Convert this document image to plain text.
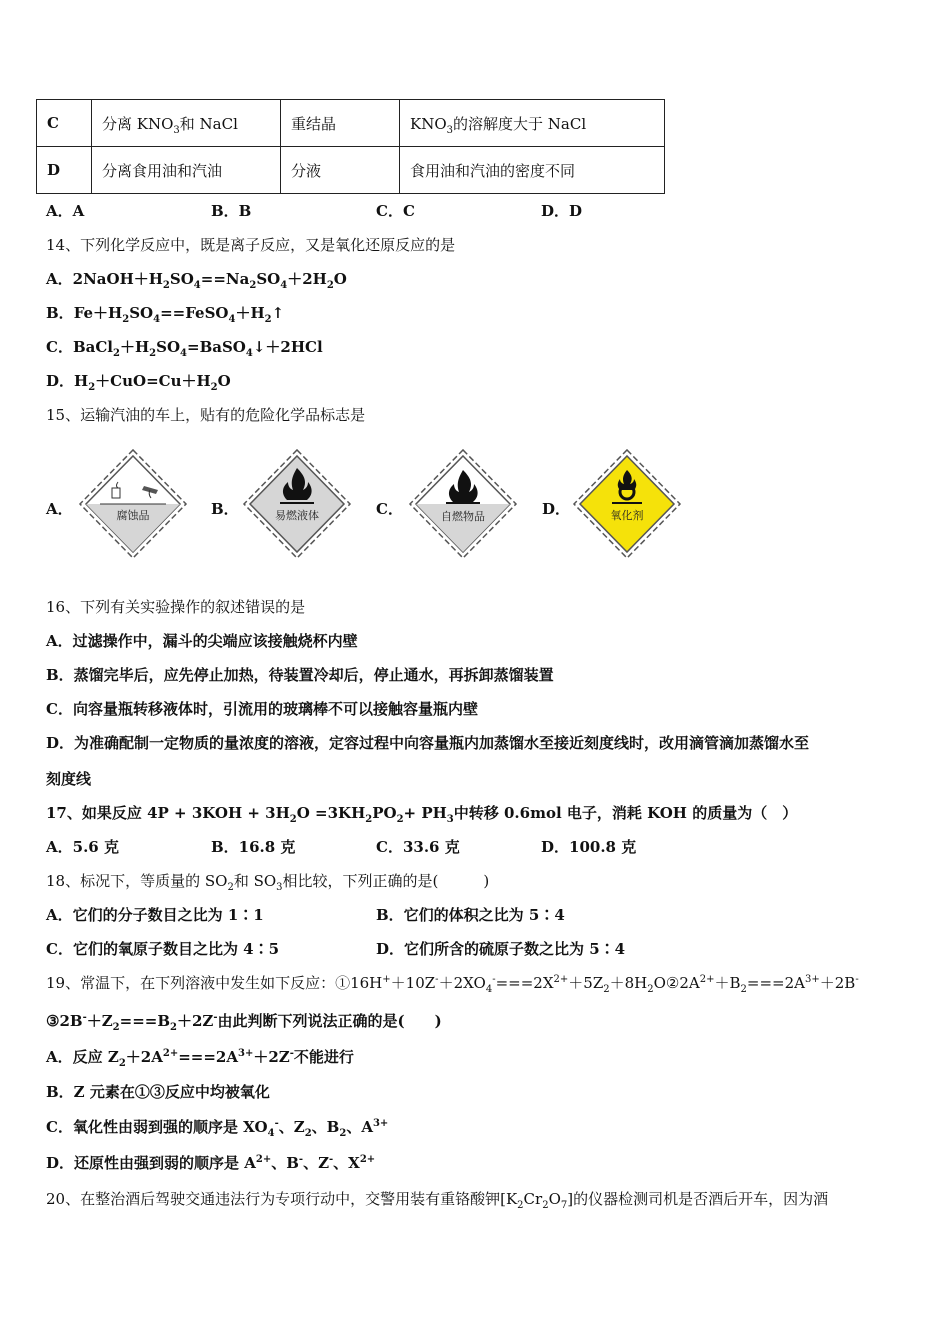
C	分离 $KNO_3$和 NaCl	重结晶	$KNO_3$的溶解度大于 NaCl
D	分离食用油和汽油	分液	食用油和汽油的密度不同
A．A	B．B	C．C	D．D
14、下列化学反应中，既是离子反应，又是氧化还原反应的是
A．$2NaOH+H_2SO_4==Na_2SO_4+2H_2O$
B．$Fe+H_2SO_4==FeSO_4+H_2↑$
C．$BaCl_2+H_2SO_4=BaSO_4↓+2HCl$
D．$H_2+CuO=Cu+H_2O$
15、运输汽油的车上，贴有的危险化学品标志是
A．	腐蚀品	B．	易燃液体	C．	自燃物品	D．	氧化剂
16、下列有关实验操作的叙述错误的是
A．过滤操作中，漏斗的尖端应该接触烧杯内壁
B．蒸馏完毕后，应先停止加热，待装置冷却后，停止通水，再拆卸蒸馏装置
C．向容量瓶转移液体时，引流用的玻璃棒不可以接触容量瓶内壁
D．为准确配制一定物质的量浓度的溶液，定容过程中向容量瓶内加蒸馏水至接近刻度线时，改用滴管滴加蒸馏水至
刻度线
17、如果反应 $4P + 3KOH + 3H_2O =3KH_2PO_2+ PH_3$中转移 0.6mol 电子，消耗 KOH 的质量为（　）
A．5.6 克	B．16.8 克	C．33.6 克	D．100.8 克
18、标况下，等质量的 $SO_2$和 $SO_3$相比较，下列正确的是(　　　)
A．它们的分子数目之比为 1∶1	B．它们的体积之比为 5∶4
C．它们的氧原子数目之比为 4∶5	D．它们所含的硫原子数之比为 5∶4
19、常温下，在下列溶液中发生如下反应：$①16H^++10Z^-+2XO_4^-===2X^{2+}+5Z_2+8H_2O②2A^{2+}+B_2===2A^{3+}+2B^-$
$③2B^-+Z_2===B_2+2Z^-$由此判断下列说法正确的是(　　)
A．反应 $Z_2+2A^{2+}===2A^{3+}+2Z^-$不能进行
B．Z 元素在①③反应中均被氧化
C．氧化性由弱到强的顺序是 $XO_4^-$、$Z_2$、$B_2$、$A^{3+}$
D．还原性由强到弱的顺序是 $A^{2+}$、B-、Z-、$X^{2+}$
20、在整治酒后驾驶交通违法行为专项行动中，交警用装有重铬酸钾$[K_2Cr_2O_7]$的仪器检测司机是否酒后开车，因为酒
